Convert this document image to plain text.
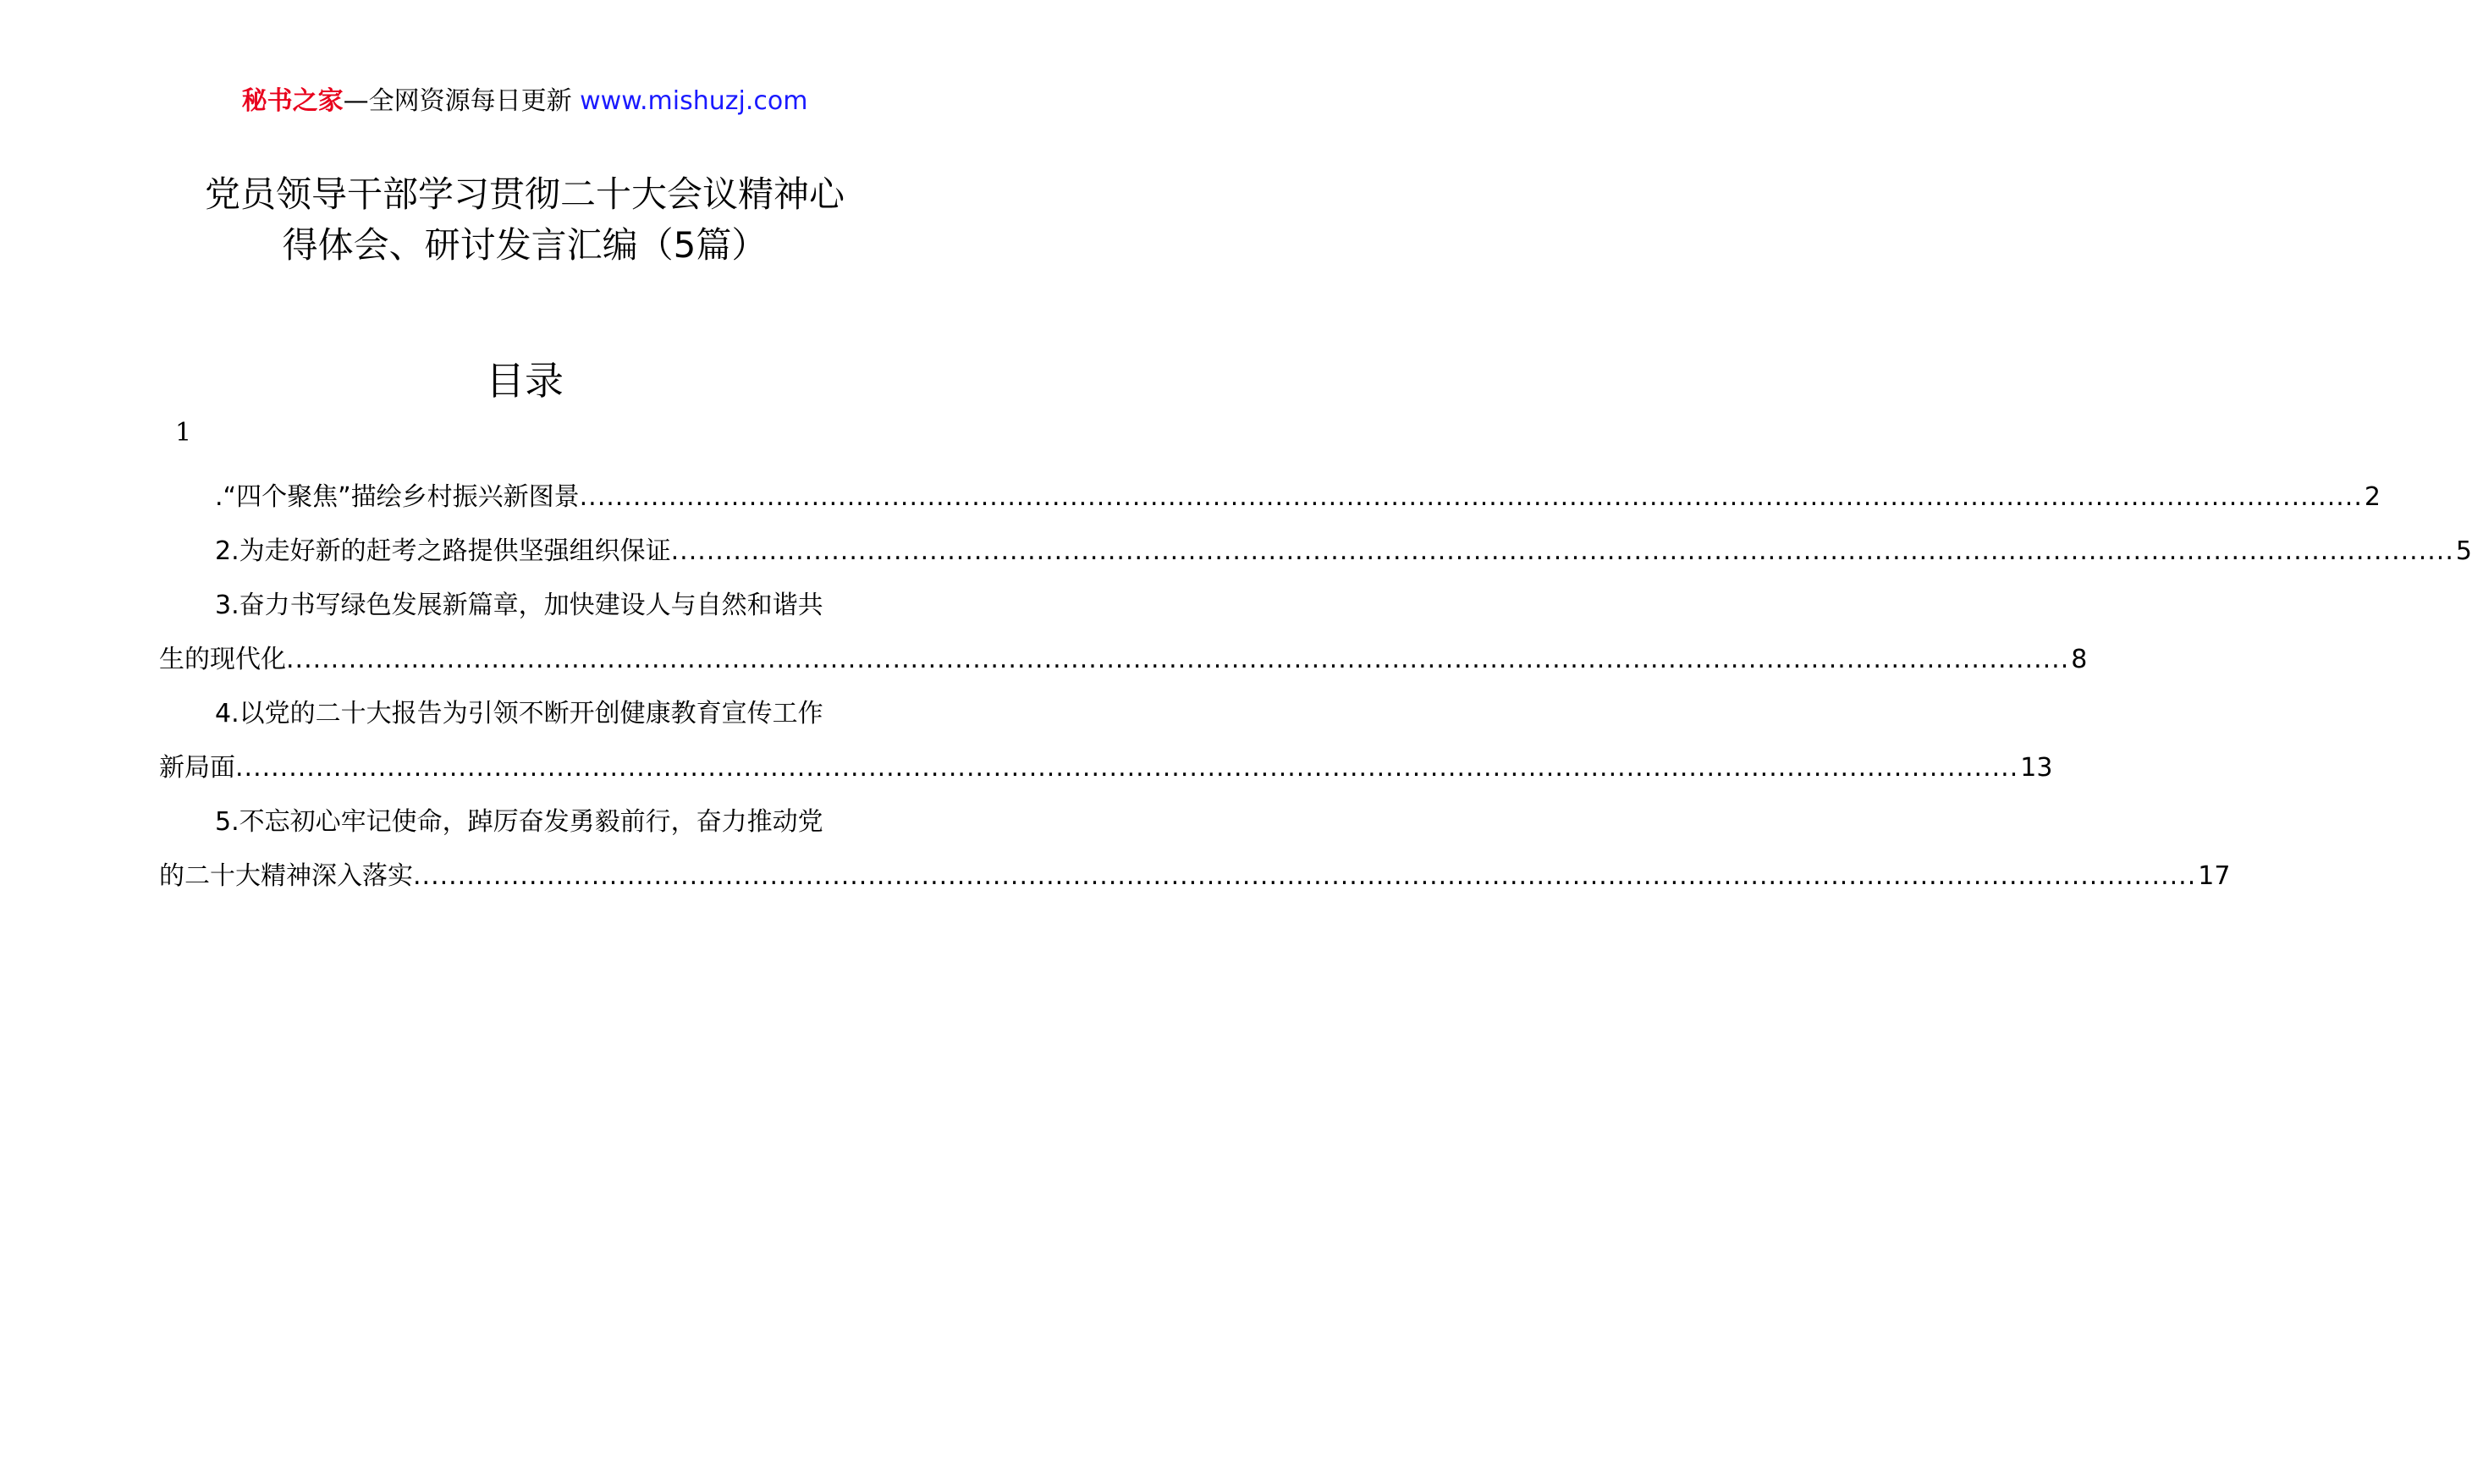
秘书之家—全网资源每日更新 www.mishuzj.com
党员领导干部学习贯彻二十大会议精神心
得体会、研讨发言汇编（5篇）
目录
1
.“四个聚焦”描绘乡村振兴新图景 ........................................................................................................................................................................................................ 2
2.为走好新的赶考之路提供坚强组织保证 ........................................................................................................................................................................................................ 5
3.奋力书写绿色发展新篇章，加快建设人与自然和谐共
生的现代化 ........................................................................................................................................................................................................ 8
4.以党的二十大报告为引领不断开创健康教育宣传工作
新局面 ........................................................................................................................................................................................................ 13
5.不忘初心牢记使命，踔厉奋发勇毅前行，奋力推动党
的二十大精神深入落实 ........................................................................................................................................................................................................ 17
